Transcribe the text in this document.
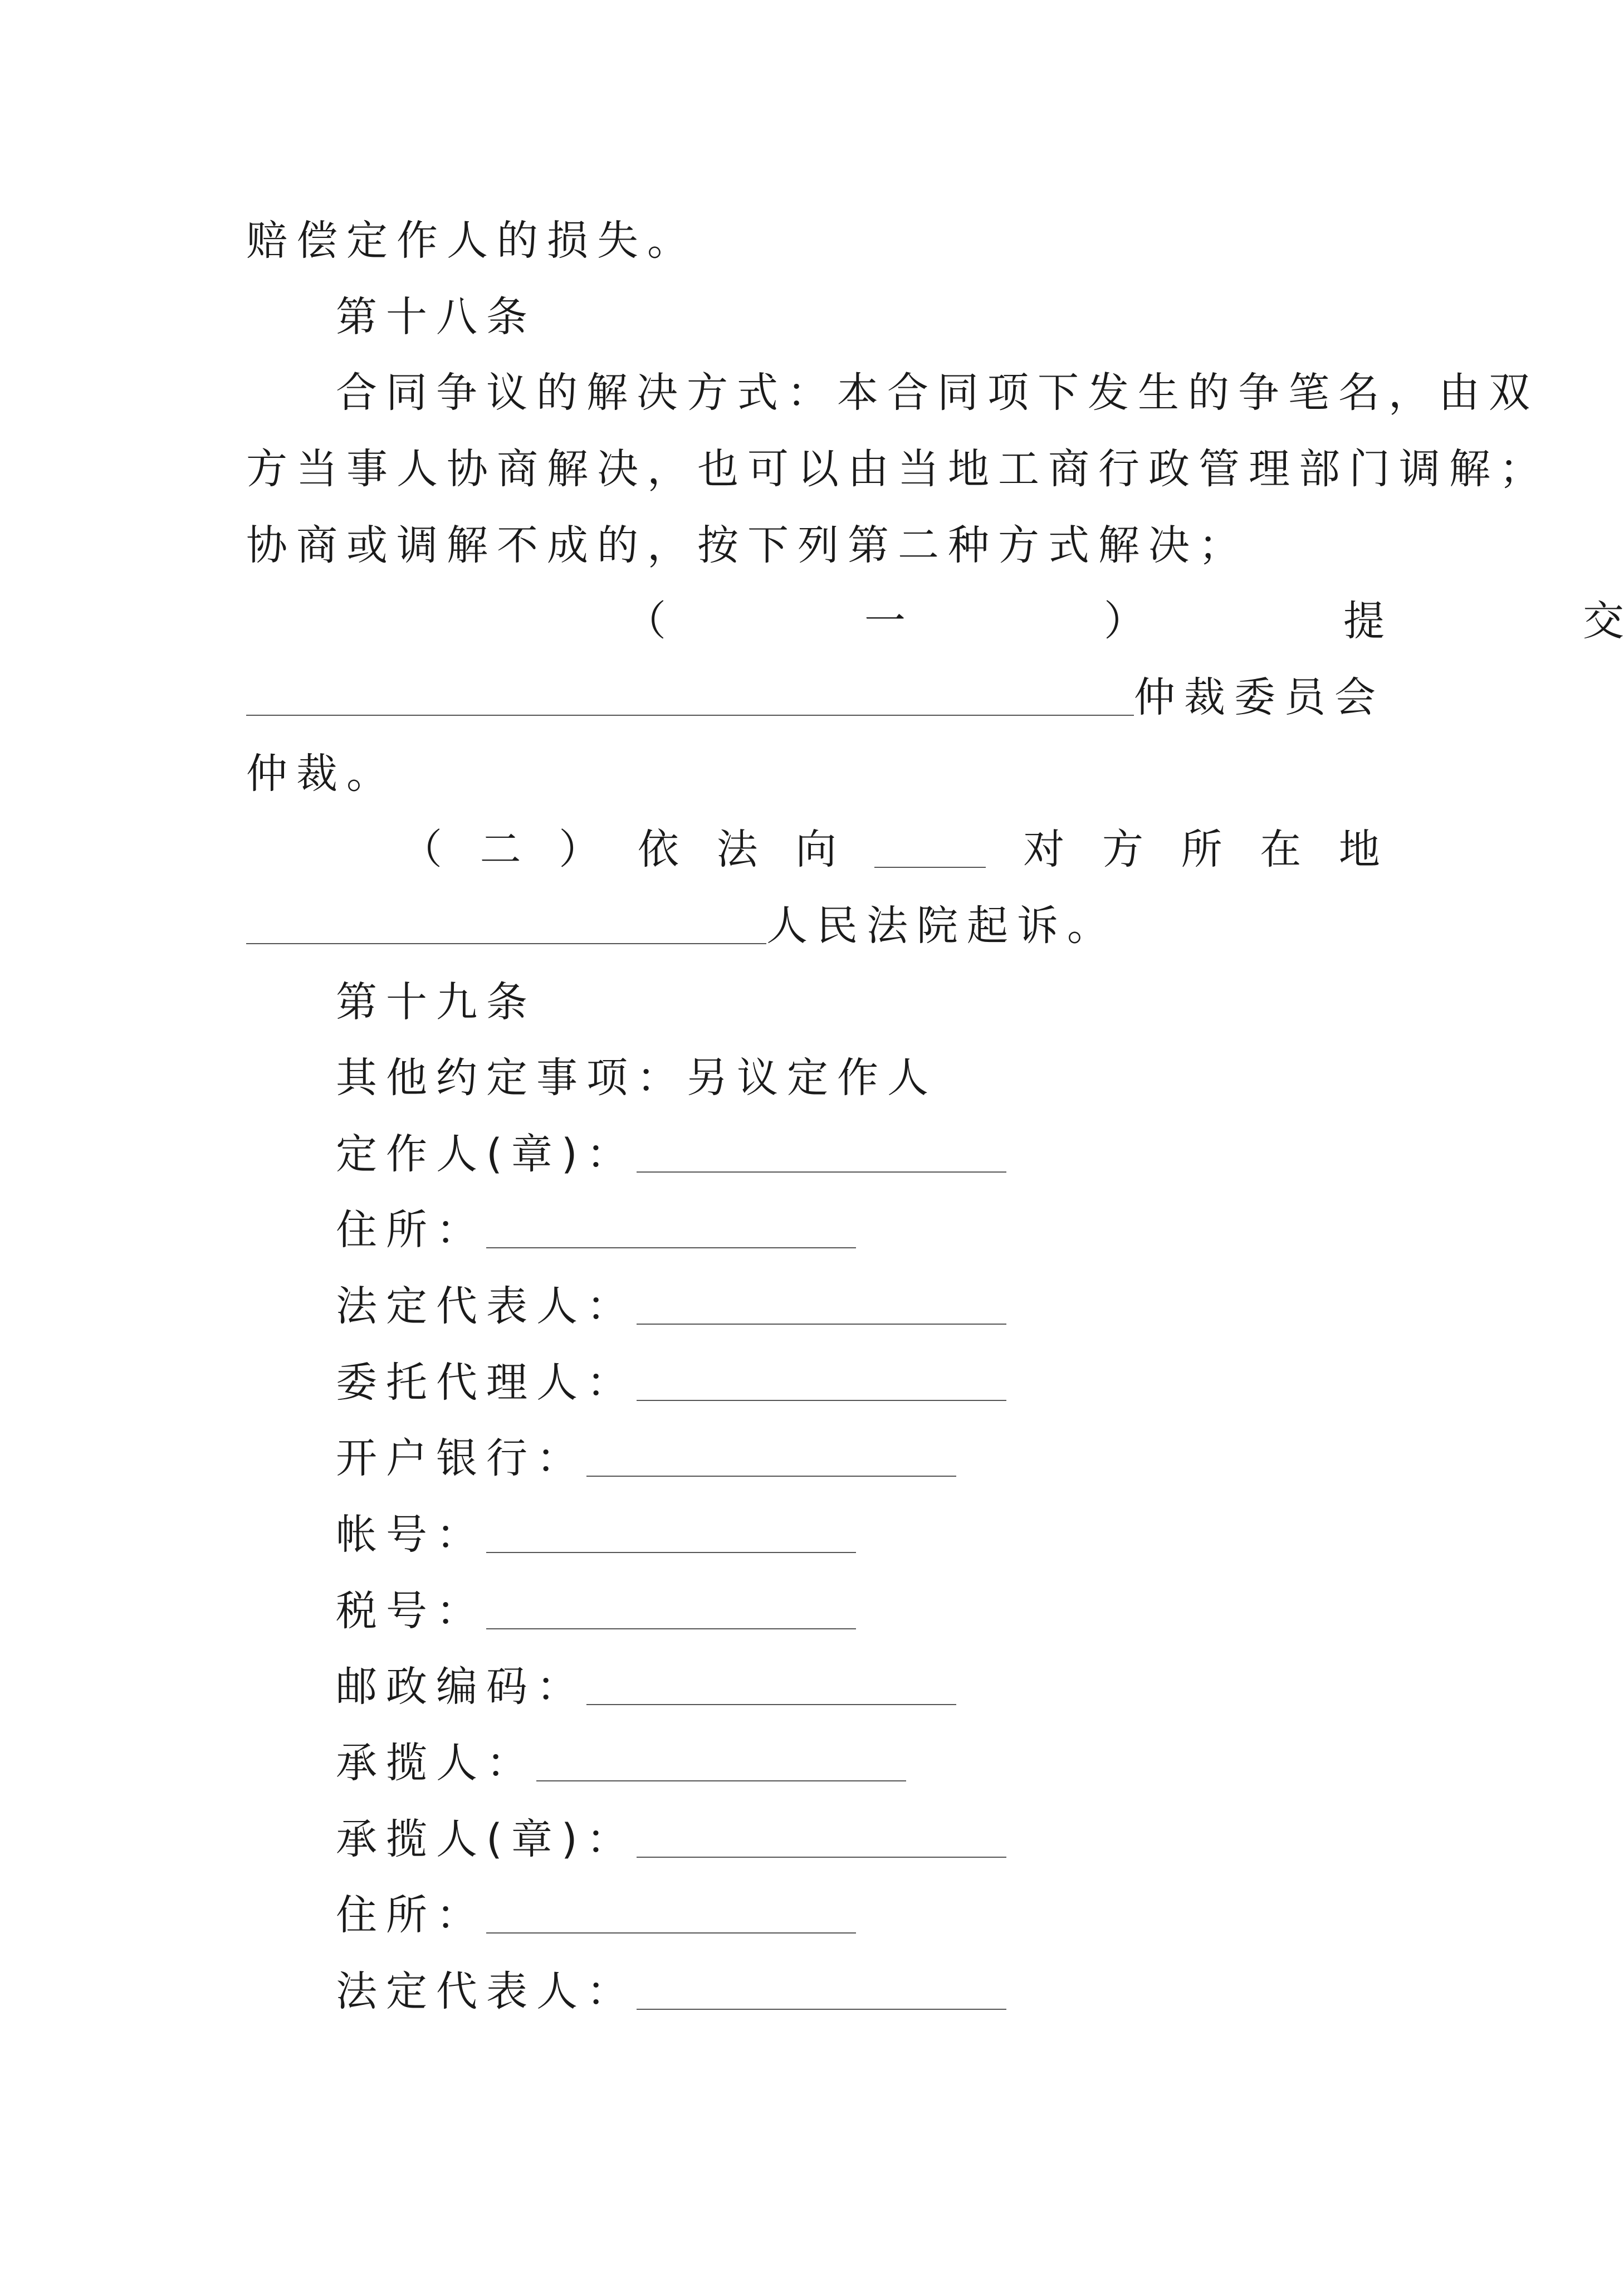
赔偿定作人的损失。
第十八条
合同争议的解决方式：本合同项下发生的争笔名，由双
方当事人协商解决，也可以由当地工商行政管理部门调解；
协商或调解不成的，按下列第二种方式解决；
（	一	）	提	交
仲裁委员会
仲裁。
（ 二 ） 依 法 向	对 方 所 在 地
人民法院起诉。
第十九条
其他约定事项：另议定作人
定作人(章)：
住所：
法定代表人：
委托代理人：
开户银行：
帐号：
税号：
邮政编码：
承揽人：
承揽人(章)：
住所：
法定代表人：
